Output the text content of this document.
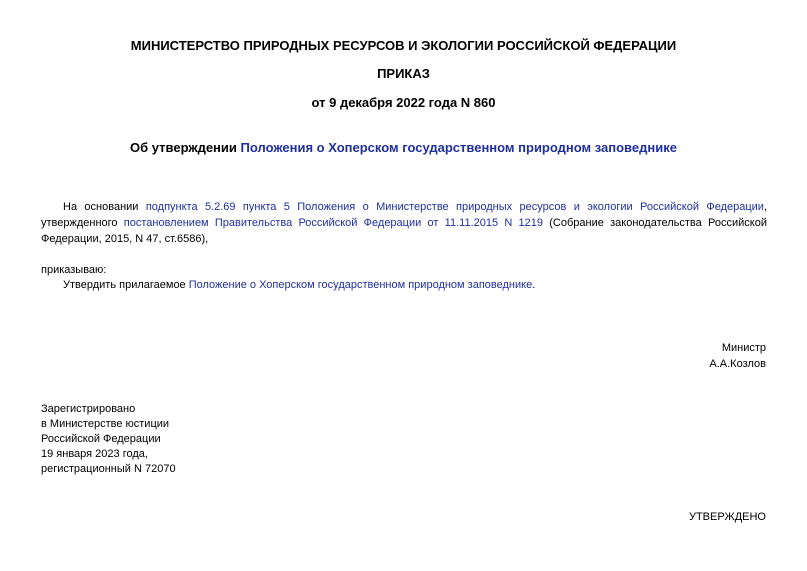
МИНИСТЕРСТВО ПРИРОДНЫХ РЕСУРСОВ И ЭКОЛОГИИ РОССИЙСКОЙ ФЕДЕРАЦИИ
ПРИКАЗ
от 9 декабря 2022 года N 860
Об утверждении Положения о Хоперском государственном природном заповеднике
На основании подпункта 5.2.69 пункта 5 Положения о Министерстве природных ресурсов и экологии Российской Федерации, утвержденного постановлением Правительства Российской Федерации от 11.11.2015 N 1219 (Собрание законодательства Российской Федерации, 2015, N 47, ст.6586),
приказываю:
Утвердить прилагаемое Положение о Хоперском государственном природном заповеднике.
Министр
А.А.Козлов
Зарегистрировано
в Министерстве юстиции
Российской Федерации
19 января 2023 года,
регистрационный N 72070
УТВЕРЖДЕНО
